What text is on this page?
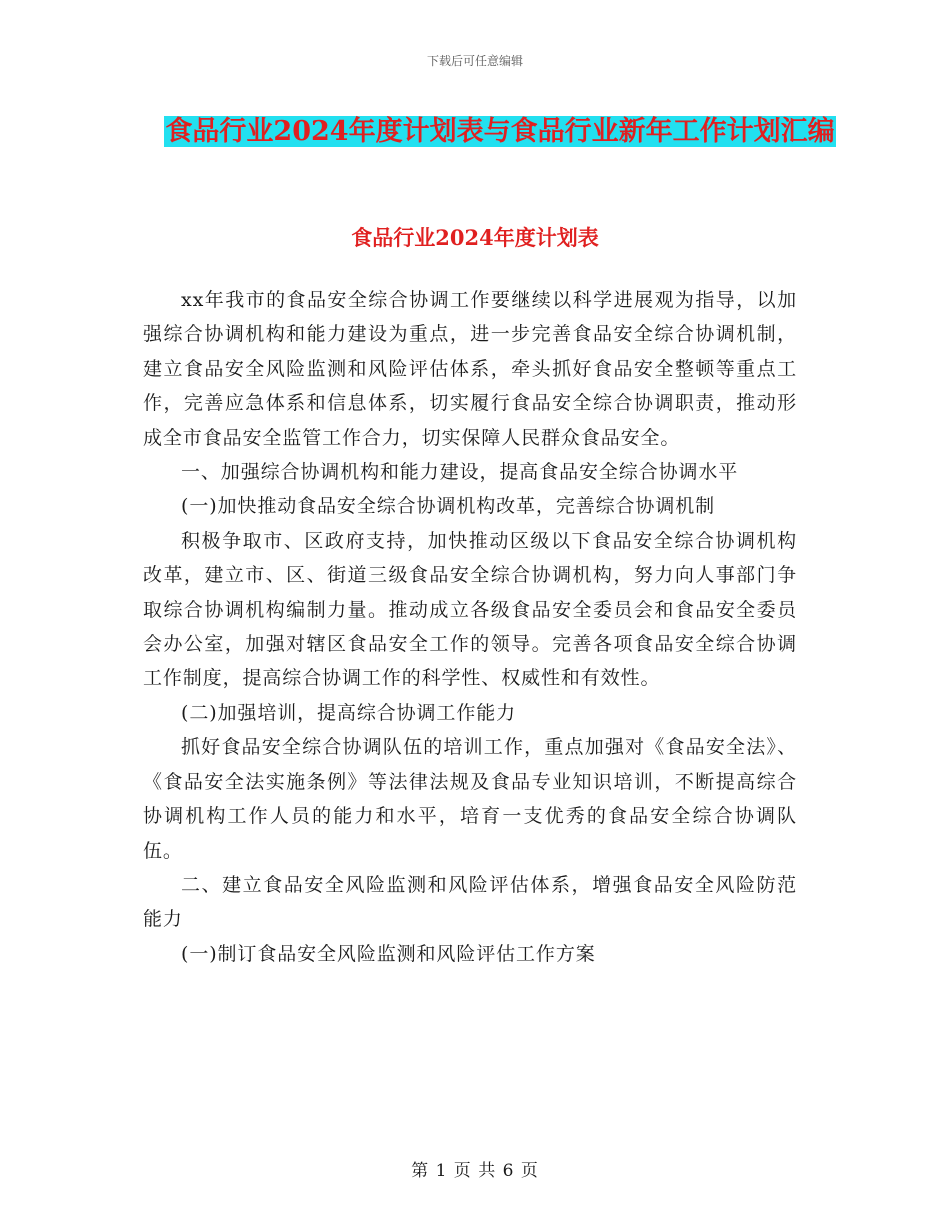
下载后可任意编辑
食品行业2024年度计划表与食品行业新年工作计划汇编
食品行业2024年度计划表

xx年我市的食品安全综合协调工作要继续以科学进展观为指导，以加强综合协调机构和能力建设为重点，进一步完善食品安全综合协调机制，建立食品安全风险监测和风险评估体系，牵头抓好食品安全整顿等重点工作，完善应急体系和信息体系，切实履行食品安全综合协调职责，推动形成全市食品安全监管工作合力，切实保障人民群众食品安全。

一、加强综合协调机构和能力建设，提高食品安全综合协调水平

(一)加快推动食品安全综合协调机构改革，完善综合协调机制

积极争取市、区政府支持，加快推动区级以下食品安全综合协调机构改革，建立市、区、街道三级食品安全综合协调机构，努力向人事部门争取综合协调机构编制力量。推动成立各级食品安全委员会和食品安全委员会办公室，加强对辖区食品安全工作的领导。完善各项食品安全综合协调工作制度，提高综合协调工作的科学性、权威性和有效性。

(二)加强培训，提高综合协调工作能力

抓好食品安全综合协调队伍的培训工作，重点加强对《食品安全法》、《食品安全法实施条例》等法律法规及食品专业知识培训，不断提高综合协调机构工作人员的能力和水平，培育一支优秀的食品安全综合协调队伍。

二、建立食品安全风险监测和风险评估体系，增强食品安全风险防范能力

(一)制订食品安全风险监测和风险评估工作方案

第 1 页 共 6 页
